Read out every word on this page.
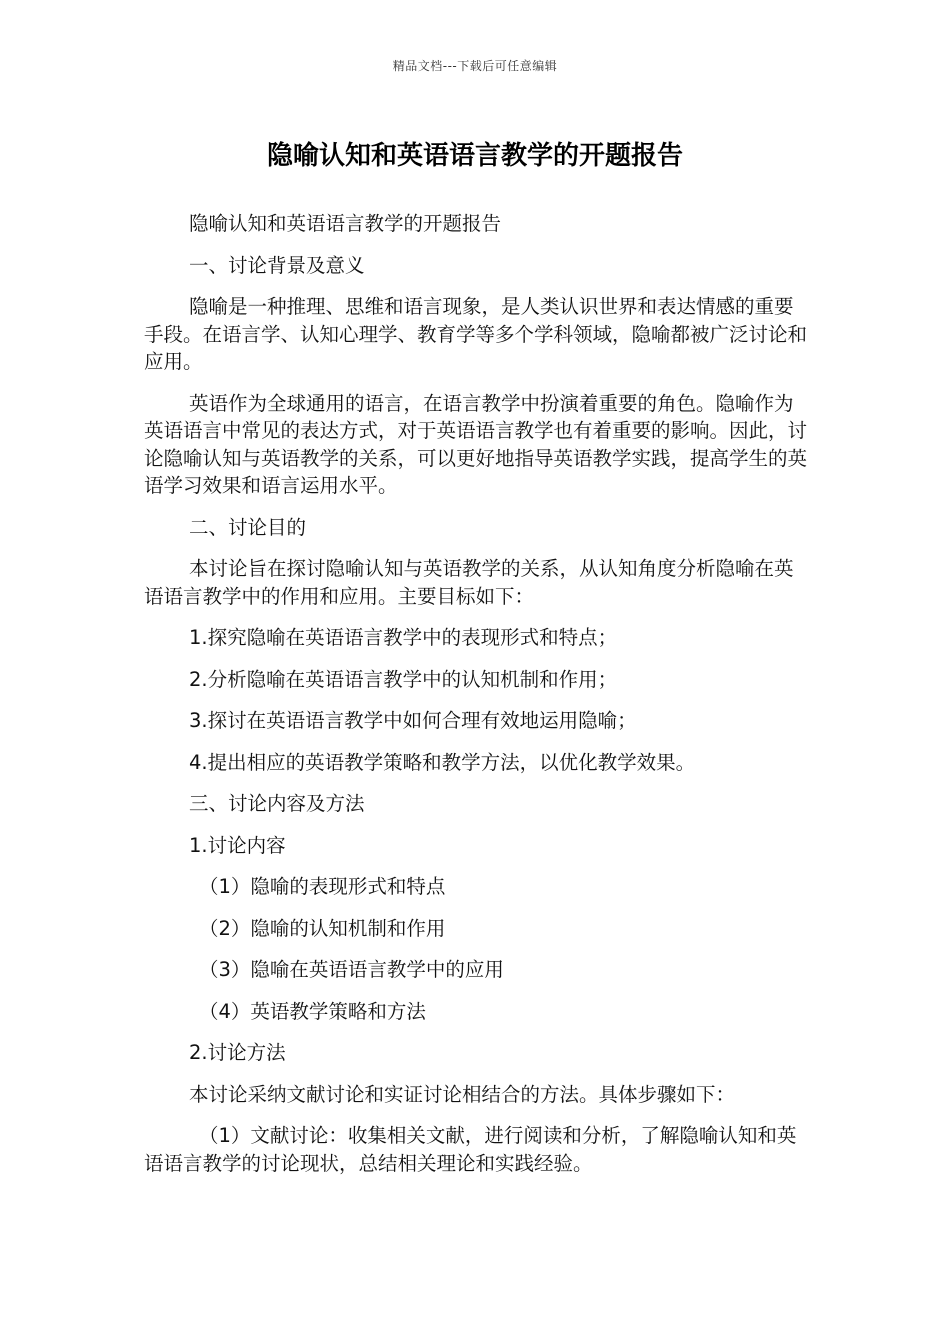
精品文档---下载后可任意编辑
隐喻认知和英语语言教学的开题报告

隐喻认知和英语语言教学的开题报告

一、讨论背景及意义

隐喻是一种推理、思维和语言现象，是人类认识世界和表达情感的重要手段。在语言学、认知心理学、教育学等多个学科领域，隐喻都被广泛讨论和应用。

英语作为全球通用的语言，在语言教学中扮演着重要的角色。隐喻作为英语语言中常见的表达方式，对于英语语言教学也有着重要的影响。因此，讨论隐喻认知与英语教学的关系，可以更好地指导英语教学实践，提高学生的英语学习效果和语言运用水平。

二、讨论目的

本讨论旨在探讨隐喻认知与英语教学的关系，从认知角度分析隐喻在英语语言教学中的作用和应用。主要目标如下：

1.探究隐喻在英语语言教学中的表现形式和特点；

2.分析隐喻在英语语言教学中的认知机制和作用；

3.探讨在英语语言教学中如何合理有效地运用隐喻；

4.提出相应的英语教学策略和教学方法，以优化教学效果。

三、讨论内容及方法

1.讨论内容

（1）隐喻的表现形式和特点

（2）隐喻的认知机制和作用

（3）隐喻在英语语言教学中的应用

（4）英语教学策略和方法

2.讨论方法

本讨论采纳文献讨论和实证讨论相结合的方法。具体步骤如下：

（1）文献讨论：收集相关文献，进行阅读和分析，了解隐喻认知和英语语言教学的讨论现状，总结相关理论和实践经验。
